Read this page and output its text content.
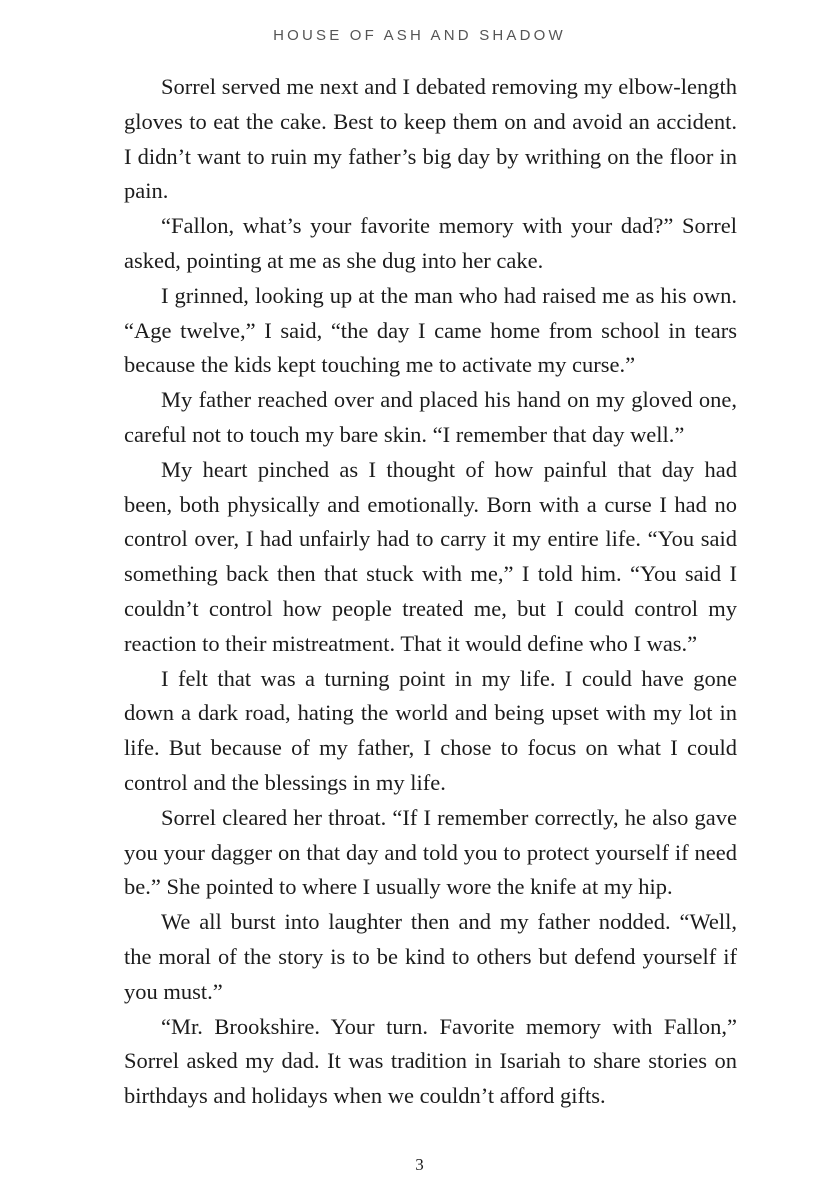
HOUSE OF ASH AND SHADOW

Sorrel served me next and I debated removing my elbow-length gloves to eat the cake. Best to keep them on and avoid an accident. I didn’t want to ruin my father’s big day by writhing on the floor in pain.

“Fallon, what’s your favorite memory with your dad?” Sorrel asked, pointing at me as she dug into her cake.

I grinned, looking up at the man who had raised me as his own. “Age twelve,” I said, “the day I came home from school in tears because the kids kept touching me to activate my curse.”

My father reached over and placed his hand on my gloved one, careful not to touch my bare skin. “I remember that day well.”

My heart pinched as I thought of how painful that day had been, both physically and emotionally. Born with a curse I had no control over, I had unfairly had to carry it my entire life. “You said something back then that stuck with me,” I told him. “You said I couldn’t control how people treated me, but I could control my reaction to their mistreatment. That it would define who I was.”

I felt that was a turning point in my life. I could have gone down a dark road, hating the world and being upset with my lot in life. But because of my father, I chose to focus on what I could control and the blessings in my life.

Sorrel cleared her throat. “If I remember correctly, he also gave you your dagger on that day and told you to protect yourself if need be.” She pointed to where I usually wore the knife at my hip.

We all burst into laughter then and my father nodded. “Well, the moral of the story is to be kind to others but defend yourself if you must.”

“Mr. Brookshire. Your turn. Favorite memory with Fallon,” Sorrel asked my dad. It was tradition in Isariah to share stories on birthdays and holidays when we couldn’t afford gifts.

3
